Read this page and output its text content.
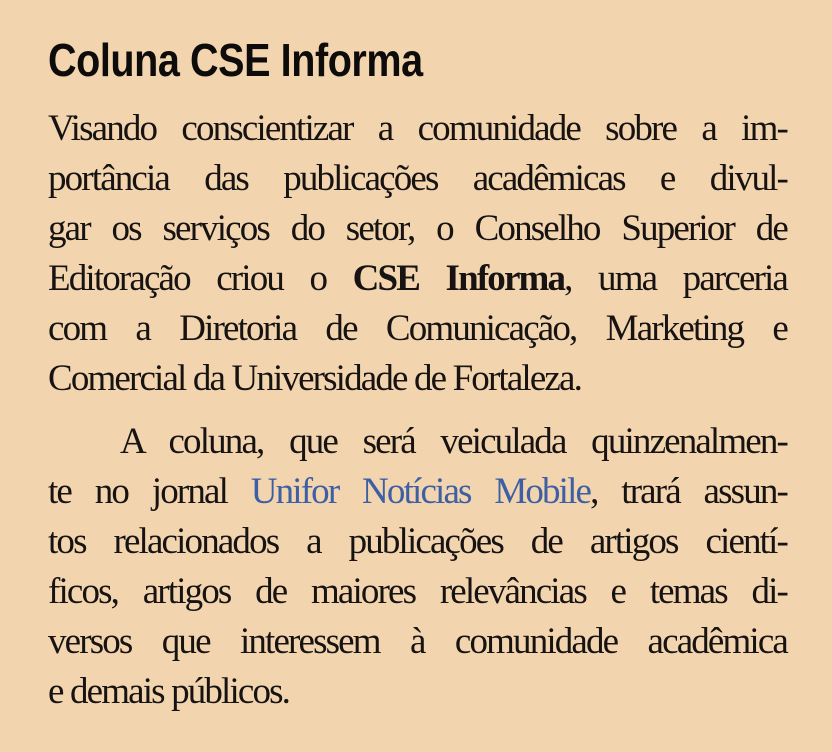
Coluna CSE Informa
Visando conscientizar a comunidade sobre a im-
portância das publicações acadêmicas e divul-
gar os serviços do setor, o Conselho Superior de
Editoração criou o CSE Informa, uma parceria
com a Diretoria de Comunicação, Marketing e
Comercial da Universidade de Fortaleza.
A coluna, que será veiculada quinzenalmen-
te no jornal Unifor Notícias Mobile, trará assun-
tos relacionados a publicações de artigos cientí-
ficos, artigos de maiores relevâncias e temas di-
versos que interessem à comunidade acadêmica
e demais públicos.
